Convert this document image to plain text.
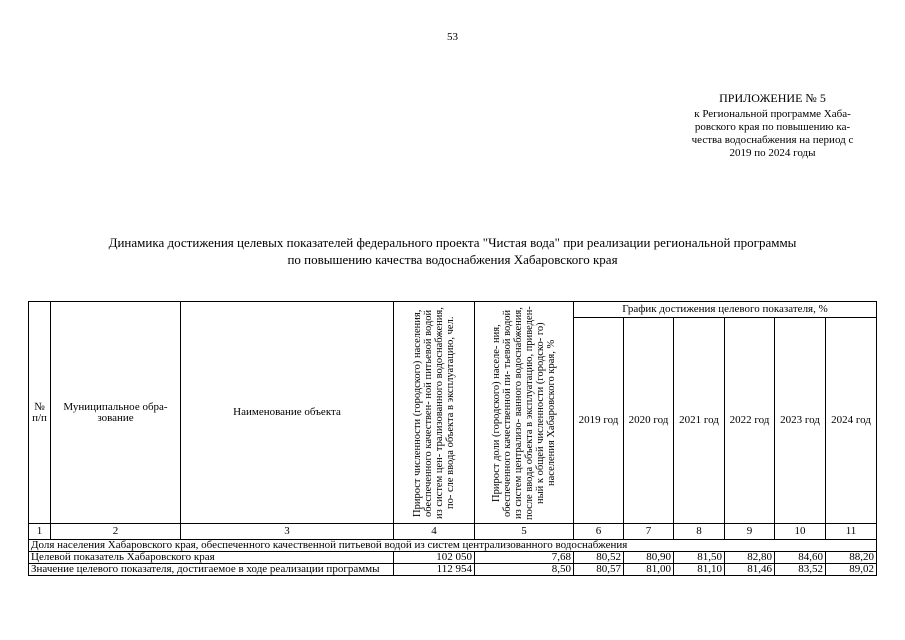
53
ПРИЛОЖЕНИЕ № 5
к Региональной программе Хаба-
ровского края по повышению ка-
чества водоснабжения на период с
2019 по 2024 годы
Динамика достижения целевых показателей федерального проекта "Чистая вода" при реализации региональной программы
по повышению качества водоснабжения Хабаровского края
№ п/п	Муниципальное обра- зование	Наименование объекта	Прирост численности (городского) населения, обеспеченного качествен- ной питьевой водой из систем цен- трализованного водоснабжения, по- сле ввода объекта в эксплуатацию, чел.	Прирост доли (городского) населе- ния, обеспеченного качественной пи- тьевой водой из систем централизо- ванного водоснабжения, после ввода объекта в эксплуатацию, приведен- ный к общей численности (городско- го) населения Хабаровского края, %	График достижения целевого показателя, %					
					2019 год	2020 год	2021 год	2022 год	2023 год	2024 год
1	2	3	4	5	6	7	8	9	10	11
Доля населения Хабаровского края, обеспеченного качественной питьевой водой из систем централизованного водоснабжения										
Целевой показатель Хабаровского края			102 050	7,68	80,52	80,90	81,50	82,80	84,60	88,20
Значение целевого показателя, достигаемое в ходе реализации программы			112 954	8,50	80,57	81,00	81,10	81,46	83,52	89,02
